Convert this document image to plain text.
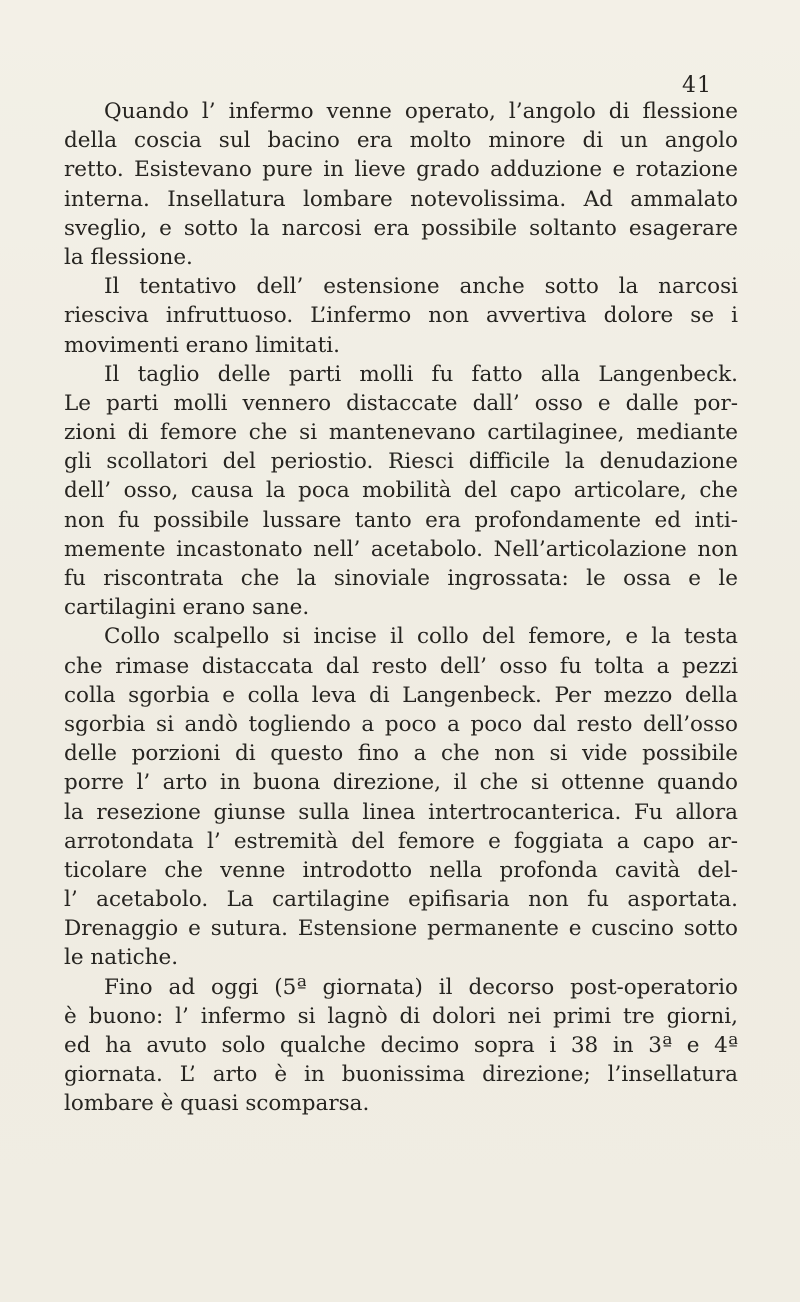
41
Quando l’ infermo venne operato, l’angolo di flessione
della coscia sul bacino era molto minore di un angolo
retto. Esistevano pure in lieve grado adduzione e rotazione
interna. Insellatura lombare notevolissima. Ad ammalato
sveglio, e sotto la narcosi era possibile soltanto esagerare
la flessione.
Il tentativo dell’ estensione anche sotto la narcosi
riesciva infruttuoso. L’infermo non avvertiva dolore se i
movimenti erano limitati.
Il taglio delle parti molli fu fatto alla Langenbeck.
Le parti molli vennero distaccate dall’ osso e dalle por-
zioni di femore che si mantenevano cartilaginee, mediante
gli scollatori del periostio. Riesci difficile la denudazione
dell’ osso, causa la poca mobilità del capo articolare, che
non fu possibile lussare tanto era profondamente ed inti-
memente incastonato nell’ acetabolo. Nell’articolazione non
fu riscontrata che la sinoviale ingrossata: le ossa e le
cartilagini erano sane.
Collo scalpello si incise il collo del femore, e la testa
che rimase distaccata dal resto dell’ osso fu tolta a pezzi
colla sgorbia e colla leva di Langenbeck. Per mezzo della
sgorbia si andò togliendo a poco a poco dal resto dell’osso
delle porzioni di questo fino a che non si vide possibile
porre l’ arto in buona direzione, il che si ottenne quando
la resezione giunse sulla linea intertrocanterica. Fu allora
arrotondata l’ estremità del femore e foggiata a capo ar-
ticolare che venne introdotto nella profonda cavità del-
l’ acetabolo. La cartilagine epifisaria non fu asportata.
Drenaggio e sutura. Estensione permanente e cuscino sotto
le natiche.
Fino ad oggi (5ª giornata) il decorso post-operatorio
è buono: l’ infermo si lagnò di dolori nei primi tre giorni,
ed ha avuto solo qualche decimo sopra i 38 in 3ª e 4ª
giornata. L’ arto è in buonissima direzione; l’insellatura
lombare è quasi scomparsa.
